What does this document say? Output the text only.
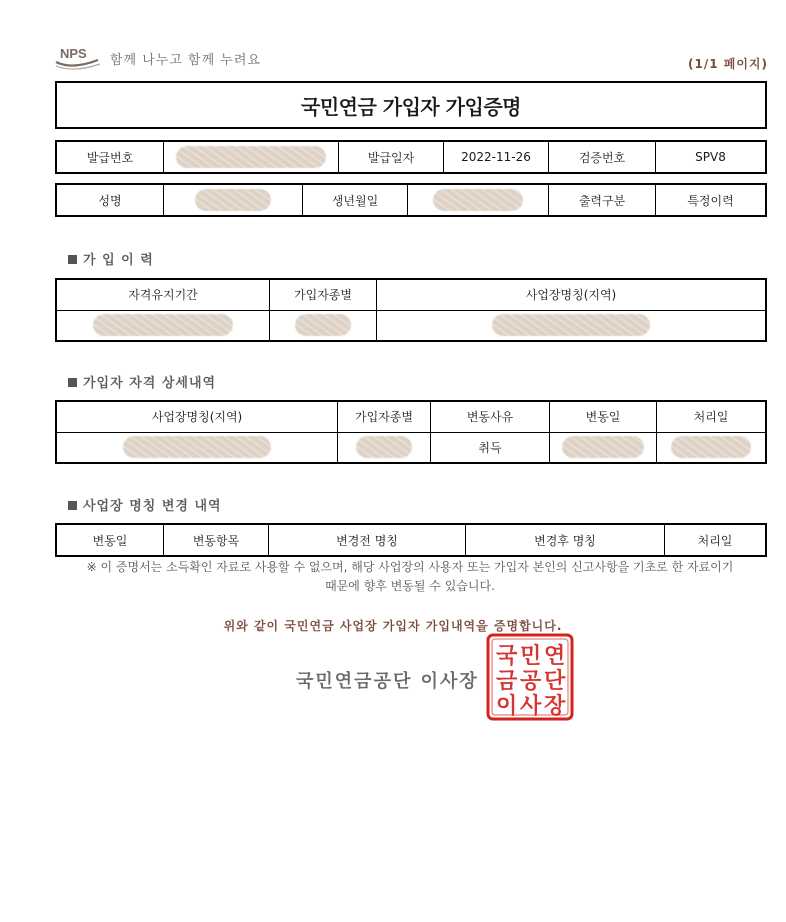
NPS 함께 나누고 함께 누려요	(1/1 페이지)
국민연금 가입자 가입증명
발급번호		발급일자	2022-11-26	검증번호	SPV8
성명		생년월일		출력구분	특정이력
가 입 이 력
자격유지기간	가입자종별	사업장명칭(지역)

가입자 자격 상세내역
사업장명칭(지역)	가입자종별	변동사유	변동일	처리일
		취득		
사업장 명칭 변경 내역
변동일	변동항목	변경전 명칭	변경후 명칭	처리일
※ 이 증명서는 소득확인 자료로 사용할 수 없으며, 해당 사업장의 사용자 또는 가입자 본인의 신고사항을 기초로 한 자료이기
때문에 향후 변동될 수 있습니다.
위와 같이 국민연금 사업장 가입자 가입내역을 증명합니다.
국민연금공단 이사장
국 민 연
금 공 단
이 사 장
